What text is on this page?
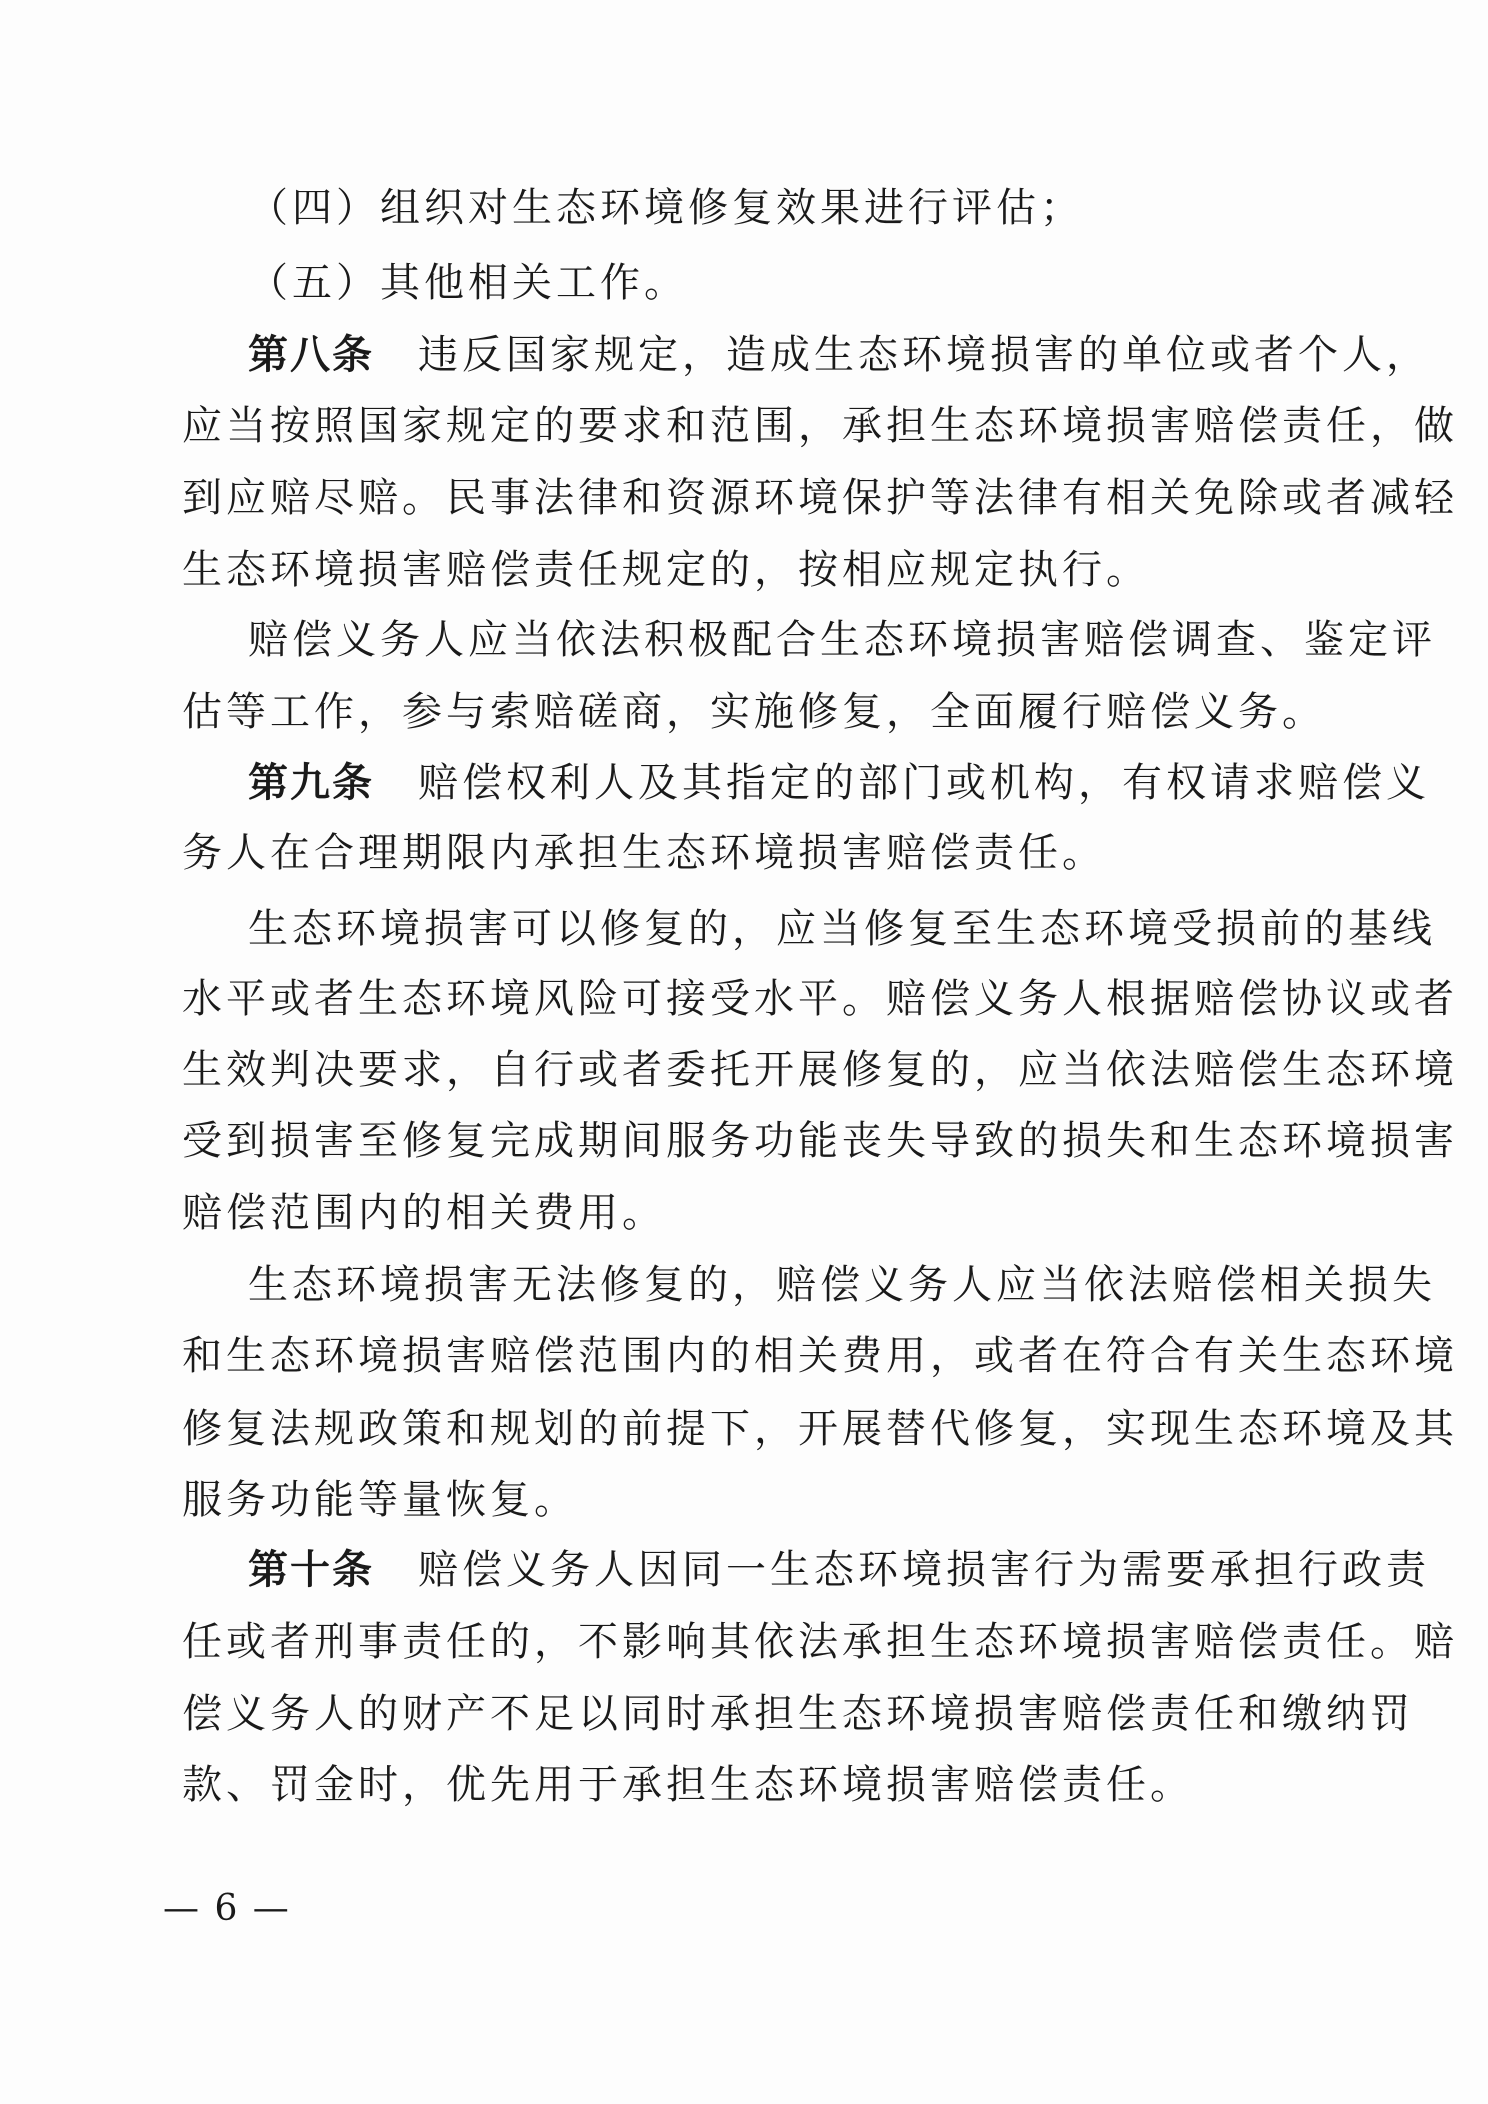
（四）组织对生态环境修复效果进行评估；
（五）其他相关工作。
第八条 违反国家规定，造成生态环境损害的单位或者个人，
应当按照国家规定的要求和范围，承担生态环境损害赔偿责任，做
到应赔尽赔。民事法律和资源环境保护等法律有相关免除或者减轻
生态环境损害赔偿责任规定的，按相应规定执行。
赔偿义务人应当依法积极配合生态环境损害赔偿调查、鉴定评
估等工作，参与索赔磋商，实施修复，全面履行赔偿义务。
第九条 赔偿权利人及其指定的部门或机构，有权请求赔偿义
务人在合理期限内承担生态环境损害赔偿责任。
生态环境损害可以修复的，应当修复至生态环境受损前的基线
水平或者生态环境风险可接受水平。赔偿义务人根据赔偿协议或者
生效判决要求，自行或者委托开展修复的，应当依法赔偿生态环境
受到损害至修复完成期间服务功能丧失导致的损失和生态环境损害
赔偿范围内的相关费用。
生态环境损害无法修复的，赔偿义务人应当依法赔偿相关损失
和生态环境损害赔偿范围内的相关费用，或者在符合有关生态环境
修复法规政策和规划的前提下，开展替代修复，实现生态环境及其
服务功能等量恢复。
第十条 赔偿义务人因同一生态环境损害行为需要承担行政责
任或者刑事责任的，不影响其依法承担生态环境损害赔偿责任。赔
偿义务人的财产不足以同时承担生态环境损害赔偿责任和缴纳罚
款、罚金时，优先用于承担生态环境损害赔偿责任。
— 6 —
